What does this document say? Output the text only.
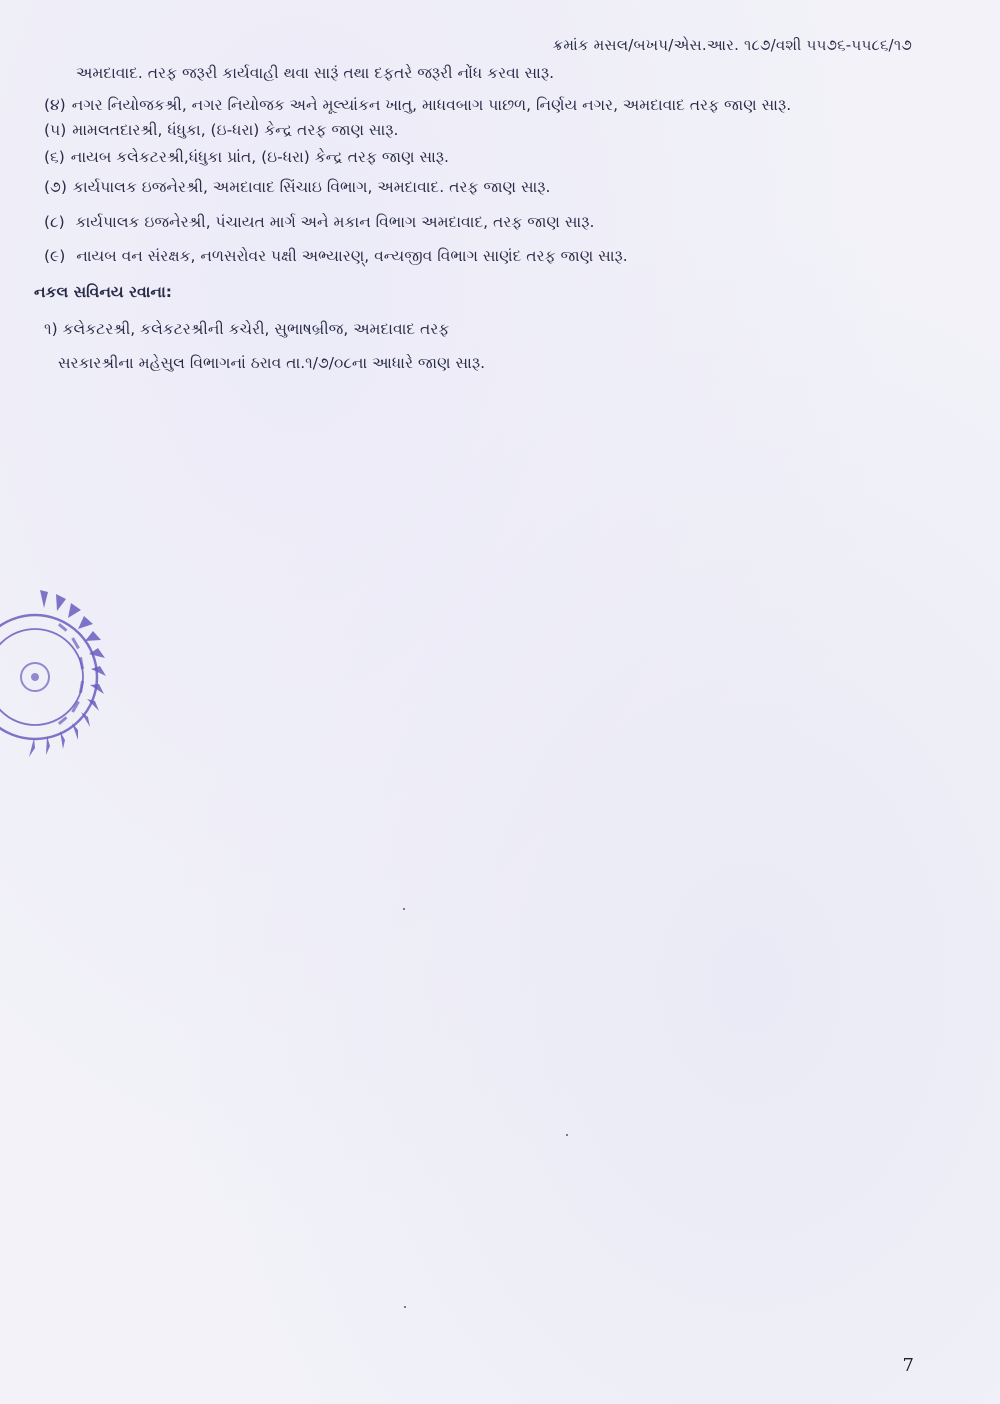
ક્રમાંક મસલ/બખપ/એસ.આર. ૧૮૭/વશી ૫૫૭૬-૫૫૮૬/૧૭
અમદાવાદ. તરફ જરૂરી કાર્યવાહી થવા સારૂં તથા દફતરે જરૂરી નોંધ કરવા સારૂ.
(૪) નગર નિયોજકશ્રી, નગર નિયોજક અને મૂલ્યાંકન ખાતુ, માધવબાગ પાછળ, નિર્ણય નગર, અમદાવાદ તરફ જાણ સારૂ.
(૫) મામલતદારશ્રી, ધંધુકા, (ઇ-ધરા) કેન્દ્ર તરફ જાણ સારૂ.
(૬) નાયબ કલેકટરશ્રી,ધંધુકા પ્રાંત, (ઇ-ધરા) કેન્દ્ર તરફ જાણ સારૂ.
(૭) કાર્યપાલક ઇજનેરશ્રી, અમદાવાદ સિંચાઇ વિભાગ, અમદાવાદ. તરફ જાણ સારૂ.
(૮) કાર્યપાલક ઇજનેરશ્રી, પંચાયત માર્ગ અને મકાન વિભાગ અમદાવાદ, તરફ જાણ સારૂ.
(૯) નાયબ વન સંરક્ષક, નળસરોવર પક્ષી અભ્યારણ્, વન્યજીવ વિભાગ સાણંદ તરફ જાણ સારૂ.
નકલ સવિનય રવાના:
૧) કલેકટરશ્રી, કલેકટરશ્રીની કચેરી, સુભાષબ્રીજ, અમદાવાદ તરફ
સરકારશ્રીના મહેસુલ વિભાગનાં ઠરાવ તા.૧/૭/૦૮ના આધારે જાણ સારૂ.
7
